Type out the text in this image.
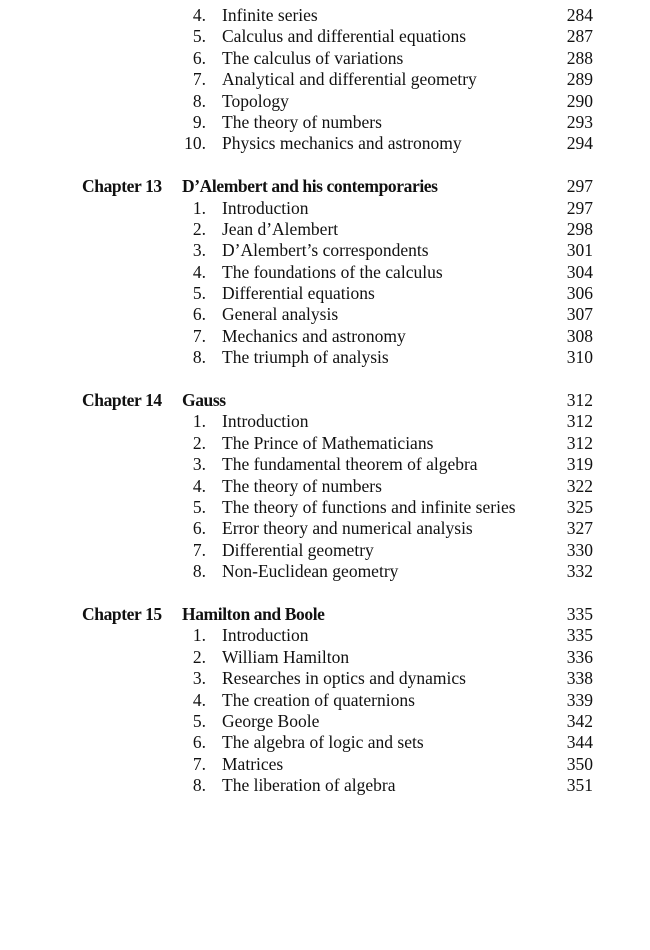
4. Infinite series	284
5. Calculus and differential equations	287
6. The calculus of variations	288
7. Analytical and differential geometry	289
8. Topology	290
9. The theory of numbers	293
10. Physics mechanics and astronomy	294
Chapter 13 D’Alembert and his contemporaries	297
1. Introduction	297
2. Jean d’Alembert	298
3. D’Alembert’s correspondents	301
4. The foundations of the calculus	304
5. Differential equations	306
6. General analysis	307
7. Mechanics and astronomy	308
8. The triumph of analysis	310
Chapter 14 Gauss	312
1. Introduction	312
2. The Prince of Mathematicians	312
3. The fundamental theorem of algebra	319
4. The theory of numbers	322
5. The theory of functions and infinite series	325
6. Error theory and numerical analysis	327
7. Differential geometry	330
8. Non-Euclidean geometry	332
Chapter 15 Hamilton and Boole	335
1. Introduction	335
2. William Hamilton	336
3. Researches in optics and dynamics	338
4. The creation of quaternions	339
5. George Boole	342
6. The algebra of logic and sets	344
7. Matrices	350
8. The liberation of algebra	351
